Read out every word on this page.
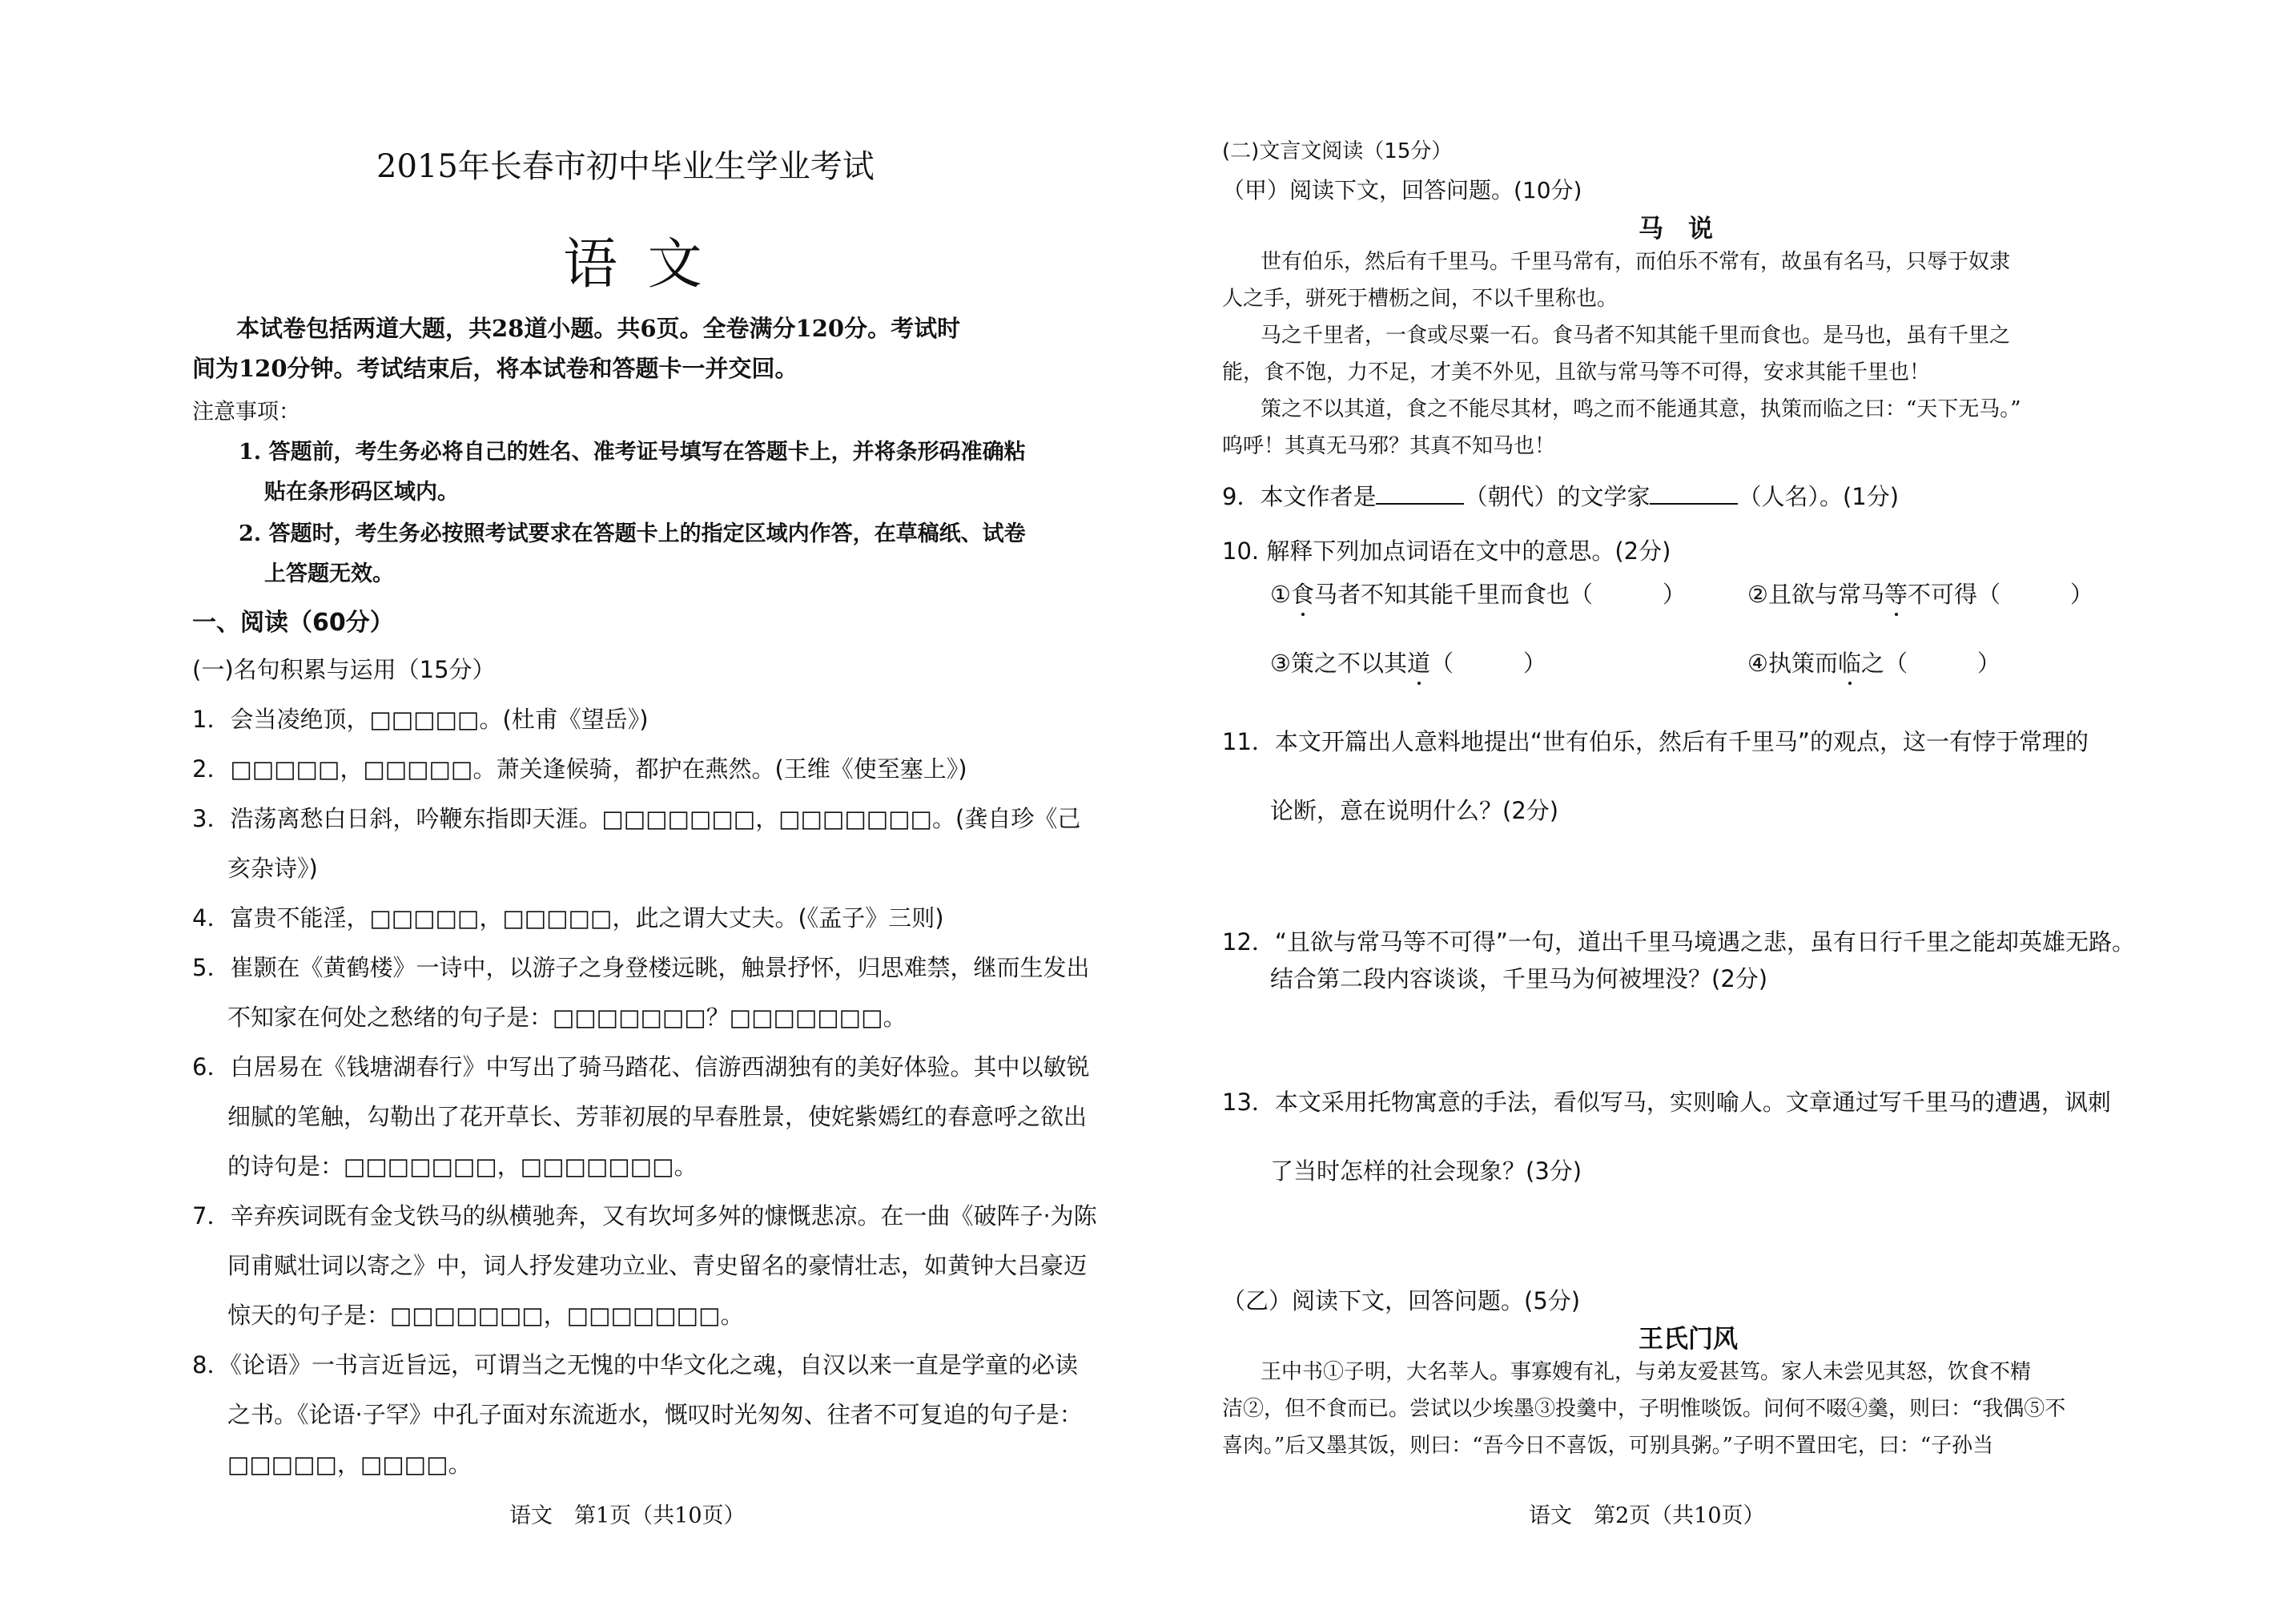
2015年长春市初中毕业生学业考试
语 文
本试卷包括两道大题，共28道小题。共6页。全卷满分120分。考试时
间为120分钟。考试结束后，将本试卷和答题卡一并交回。
注意事项：
1. 答题前，考生务必将自己的姓名、准考证号填写在答题卡上，并将条形码准确粘
贴在条形码区域内。
2. 答题时，考生务必按照考试要求在答题卡上的指定区域内作答，在草稿纸、试卷
上答题无效。
一、阅读（60分）
(一)名句积累与运用（15分）
1．会当凌绝顶，□□□□□。(杜甫《望岳》)
2．□□□□□，□□□□□。萧关逢候骑，都护在燕然。(王维《使至塞上》)
3．浩荡离愁白日斜，吟鞭东指即天涯。□□□□□□□，□□□□□□□。(龚自珍《己
亥杂诗》)
4．富贵不能淫，□□□□□，□□□□□，此之谓大丈夫。(《孟子》三则)
5．崔颢在《黄鹤楼》一诗中，以游子之身登楼远眺，触景抒怀，归思难禁，继而生发出
不知家在何处之愁绪的句子是：□□□□□□□？□□□□□□□。
6．白居易在《钱塘湖春行》中写出了骑马踏花、信游西湖独有的美好体验。其中以敏锐
细腻的笔触，勾勒出了花开草长、芳菲初展的早春胜景，使姹紫嫣红的春意呼之欲出
的诗句是：□□□□□□□，□□□□□□□。
7．辛弃疾词既有金戈铁马的纵横驰奔，又有坎坷多舛的慷慨悲凉。在一曲《破阵子·为陈
同甫赋壮词以寄之》中，词人抒发建功立业、青史留名的豪情壮志，如黄钟大吕豪迈
惊天的句子是：□□□□□□□，□□□□□□□。
8．《论语》一书言近旨远，可谓当之无愧的中华文化之魂，自汉以来一直是学童的必读
之书。《论语·子罕》中孔子面对东流逝水，慨叹时光匆匆、往者不可复追的句子是：
□□□□□，□□□□。
语文　第1页（共10页）
(二)文言文阅读（15分）
（甲）阅读下文，回答问题。(10分)
马　说
世有伯乐，然后有千里马。千里马常有，而伯乐不常有，故虽有名马，只辱于奴隶
人之手，骈死于槽枥之间，不以千里称也。
马之千里者，一食或尽粟一石。食马者不知其能千里而食也。是马也，虽有千里之
能，食不饱，力不足，才美不外见，且欲与常马等不可得，安求其能千里也！
策之不以其道，食之不能尽其材，鸣之而不能通其意，执策而临之曰：“天下无马。”
呜呼！其真无马邪？其真不知马也！
9．本文作者是	（朝代）的文学家	（人名）。(1分)
10. 解释下列加点词语在文中的意思。(2分)
①食马者不知其能千里而食也（　　　）	②且欲与常马等不可得（　　　）
③策之不以其道（　　　）	④执策而临之（　　　）
11．本文开篇出人意料地提出“世有伯乐，然后有千里马”的观点，这一有悖于常理的
论断，意在说明什么？(2分)
12．“且欲与常马等不可得”一句，道出千里马境遇之悲，虽有日行千里之能却英雄无路。
结合第二段内容谈谈，千里马为何被埋没？(2分)
13．本文采用托物寓意的手法，看似写马，实则喻人。文章通过写千里马的遭遇，讽刺
了当时怎样的社会现象？(3分)
（乙）阅读下文，回答问题。(5分)
王氏门风
王中书①子明，大名莘人。事寡嫂有礼，与弟友爱甚笃。家人未尝见其怒，饮食不精
洁②，但不食而已。尝试以少埃墨③投羹中，子明惟啖饭。问何不啜④羹，则曰：“我偶⑤不
喜肉。”后又墨其饭，则曰：“吾今日不喜饭，可别具粥。”子明不置田宅，曰：“子孙当
语文　第2页（共10页）
